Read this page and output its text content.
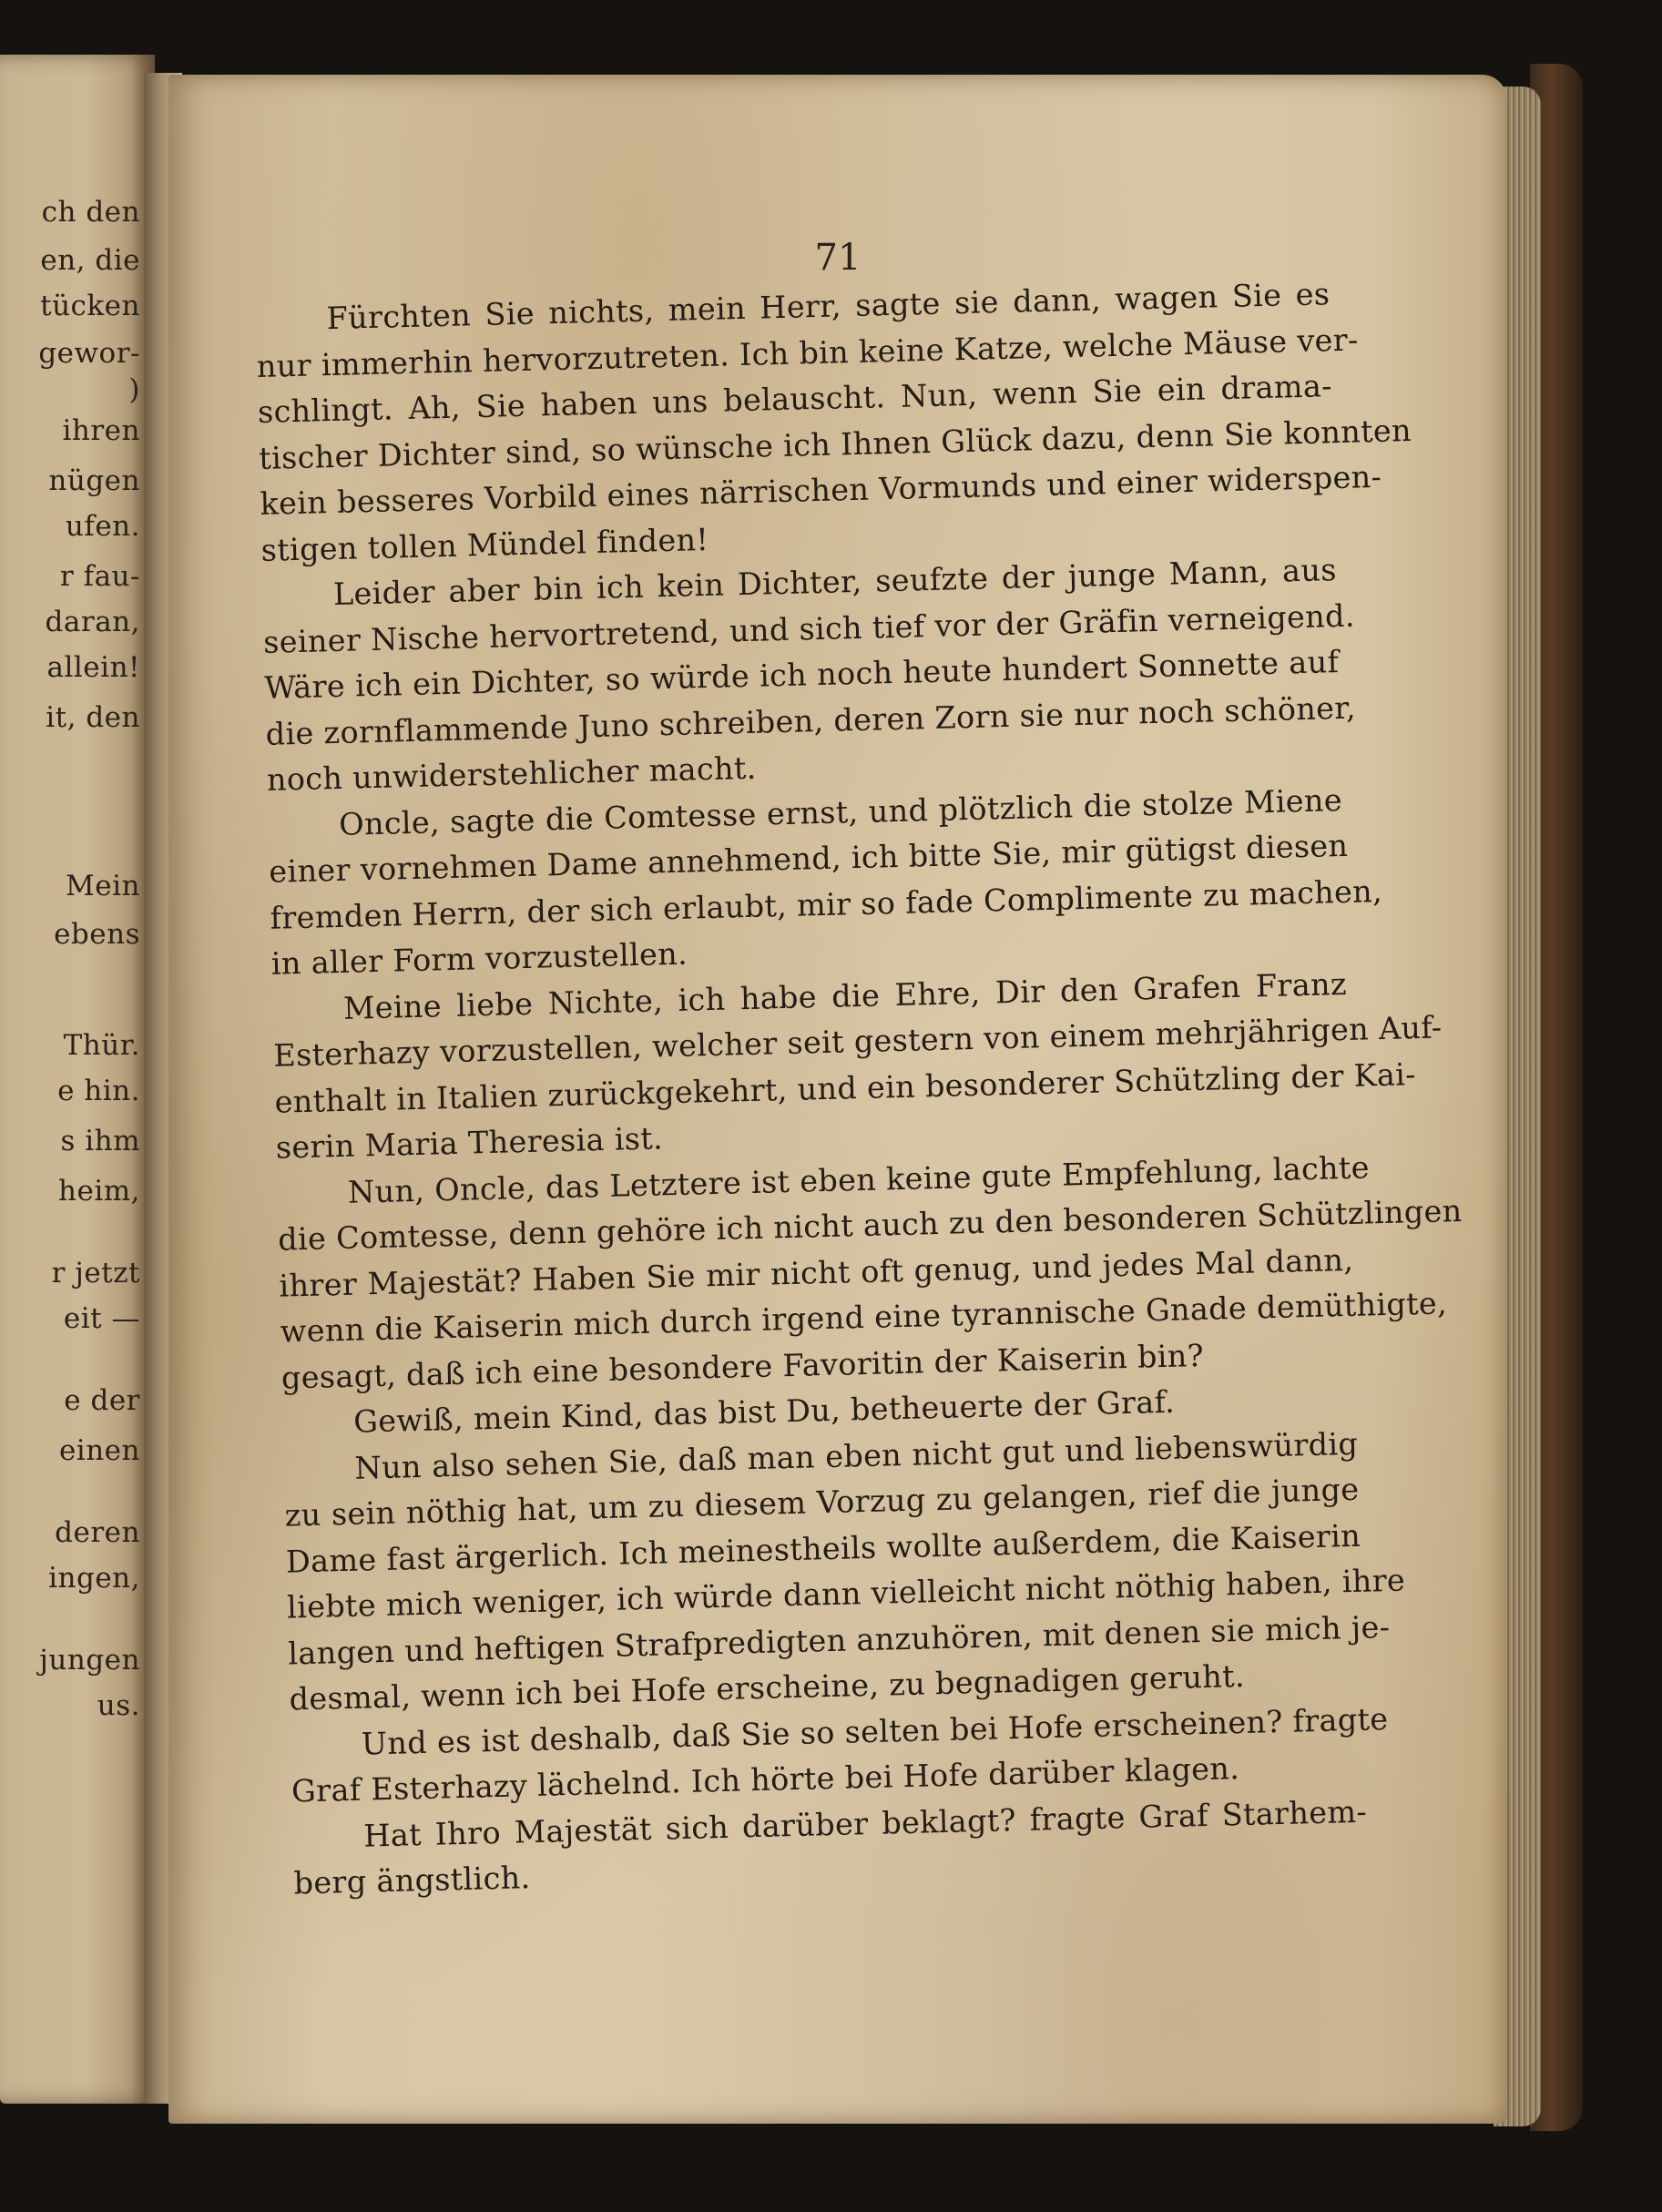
ch den
en, die
tücken
gewor-
)
ihren
nügen
ufen.
r fau-
daran,
allein!
it, den
Mein
ebens
Thür.
e hin.
s ihm
heim,
r jetzt
eit —
e der
einen
deren
ingen,
jungen
us.
71
Fürchten Sie nichts, mein Herr, sagte sie dann, wagen Sie es
nur immerhin hervorzutreten. Ich bin keine Katze, welche Mäuse ver-
schlingt. Ah, Sie haben uns belauscht. Nun, wenn Sie ein drama-
tischer Dichter sind, so wünsche ich Ihnen Glück dazu, denn Sie konnten
kein besseres Vorbild eines närrischen Vormunds und einer widerspen-
stigen tollen Mündel finden!
Leider aber bin ich kein Dichter, seufzte der junge Mann, aus
seiner Nische hervortretend, und sich tief vor der Gräfin verneigend.
Wäre ich ein Dichter, so würde ich noch heute hundert Sonnette auf
die zornflammende Juno schreiben, deren Zorn sie nur noch schöner,
noch unwiderstehlicher macht.
Oncle, sagte die Comtesse ernst, und plötzlich die stolze Miene
einer vornehmen Dame annehmend, ich bitte Sie, mir gütigst diesen
fremden Herrn, der sich erlaubt, mir so fade Complimente zu machen,
in aller Form vorzustellen.
Meine liebe Nichte, ich habe die Ehre, Dir den Grafen Franz
Esterhazy vorzustellen, welcher seit gestern von einem mehrjährigen Auf-
enthalt in Italien zurückgekehrt, und ein besonderer Schützling der Kai-
serin Maria Theresia ist.
Nun, Oncle, das Letztere ist eben keine gute Empfehlung, lachte
die Comtesse, denn gehöre ich nicht auch zu den besonderen Schützlingen
ihrer Majestät? Haben Sie mir nicht oft genug, und jedes Mal dann,
wenn die Kaiserin mich durch irgend eine tyrannische Gnade demüthigte,
gesagt, daß ich eine besondere Favoritin der Kaiserin bin?
Gewiß, mein Kind, das bist Du, betheuerte der Graf.
Nun also sehen Sie, daß man eben nicht gut und liebenswürdig
zu sein nöthig hat, um zu diesem Vorzug zu gelangen, rief die junge
Dame fast ärgerlich. Ich meinestheils wollte außerdem, die Kaiserin
liebte mich weniger, ich würde dann vielleicht nicht nöthig haben, ihre
langen und heftigen Strafpredigten anzuhören, mit denen sie mich je-
desmal, wenn ich bei Hofe erscheine, zu begnadigen geruht.
Und es ist deshalb, daß Sie so selten bei Hofe erscheinen? fragte
Graf Esterhazy lächelnd. Ich hörte bei Hofe darüber klagen.
Hat Ihro Majestät sich darüber beklagt? fragte Graf Starhem-
berg ängstlich.
